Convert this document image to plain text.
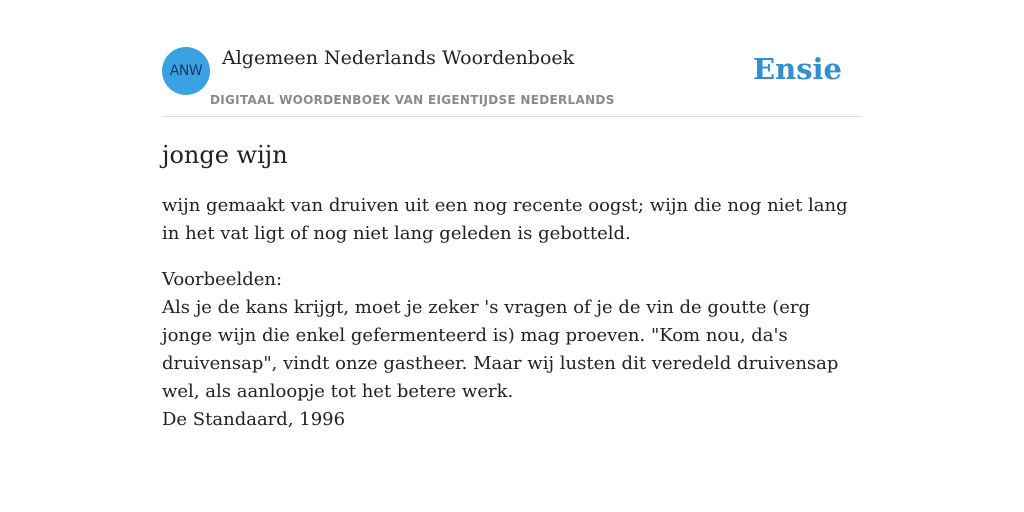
ANW
Algemeen Nederlands Woordenboek
DIGITAAL WOORDENBOEK VAN EIGENTIJDSE NEDERLANDS
Ensie
jonge wijn
wijn gemaakt van druiven uit een nog recente oogst; wijn die nog niet lang in het vat ligt of nog niet lang geleden is gebotteld.
Voorbeelden:
Als je de kans krijgt, moet je zeker 's vragen of je de vin de goutte (erg jonge wijn die enkel gefermenteerd is) mag proeven. "Kom nou, da's druivensap", vindt onze gastheer. Maar wij lusten dit veredeld druivensap wel, als aanloopje tot het betere werk.
De Standaard, 1996
